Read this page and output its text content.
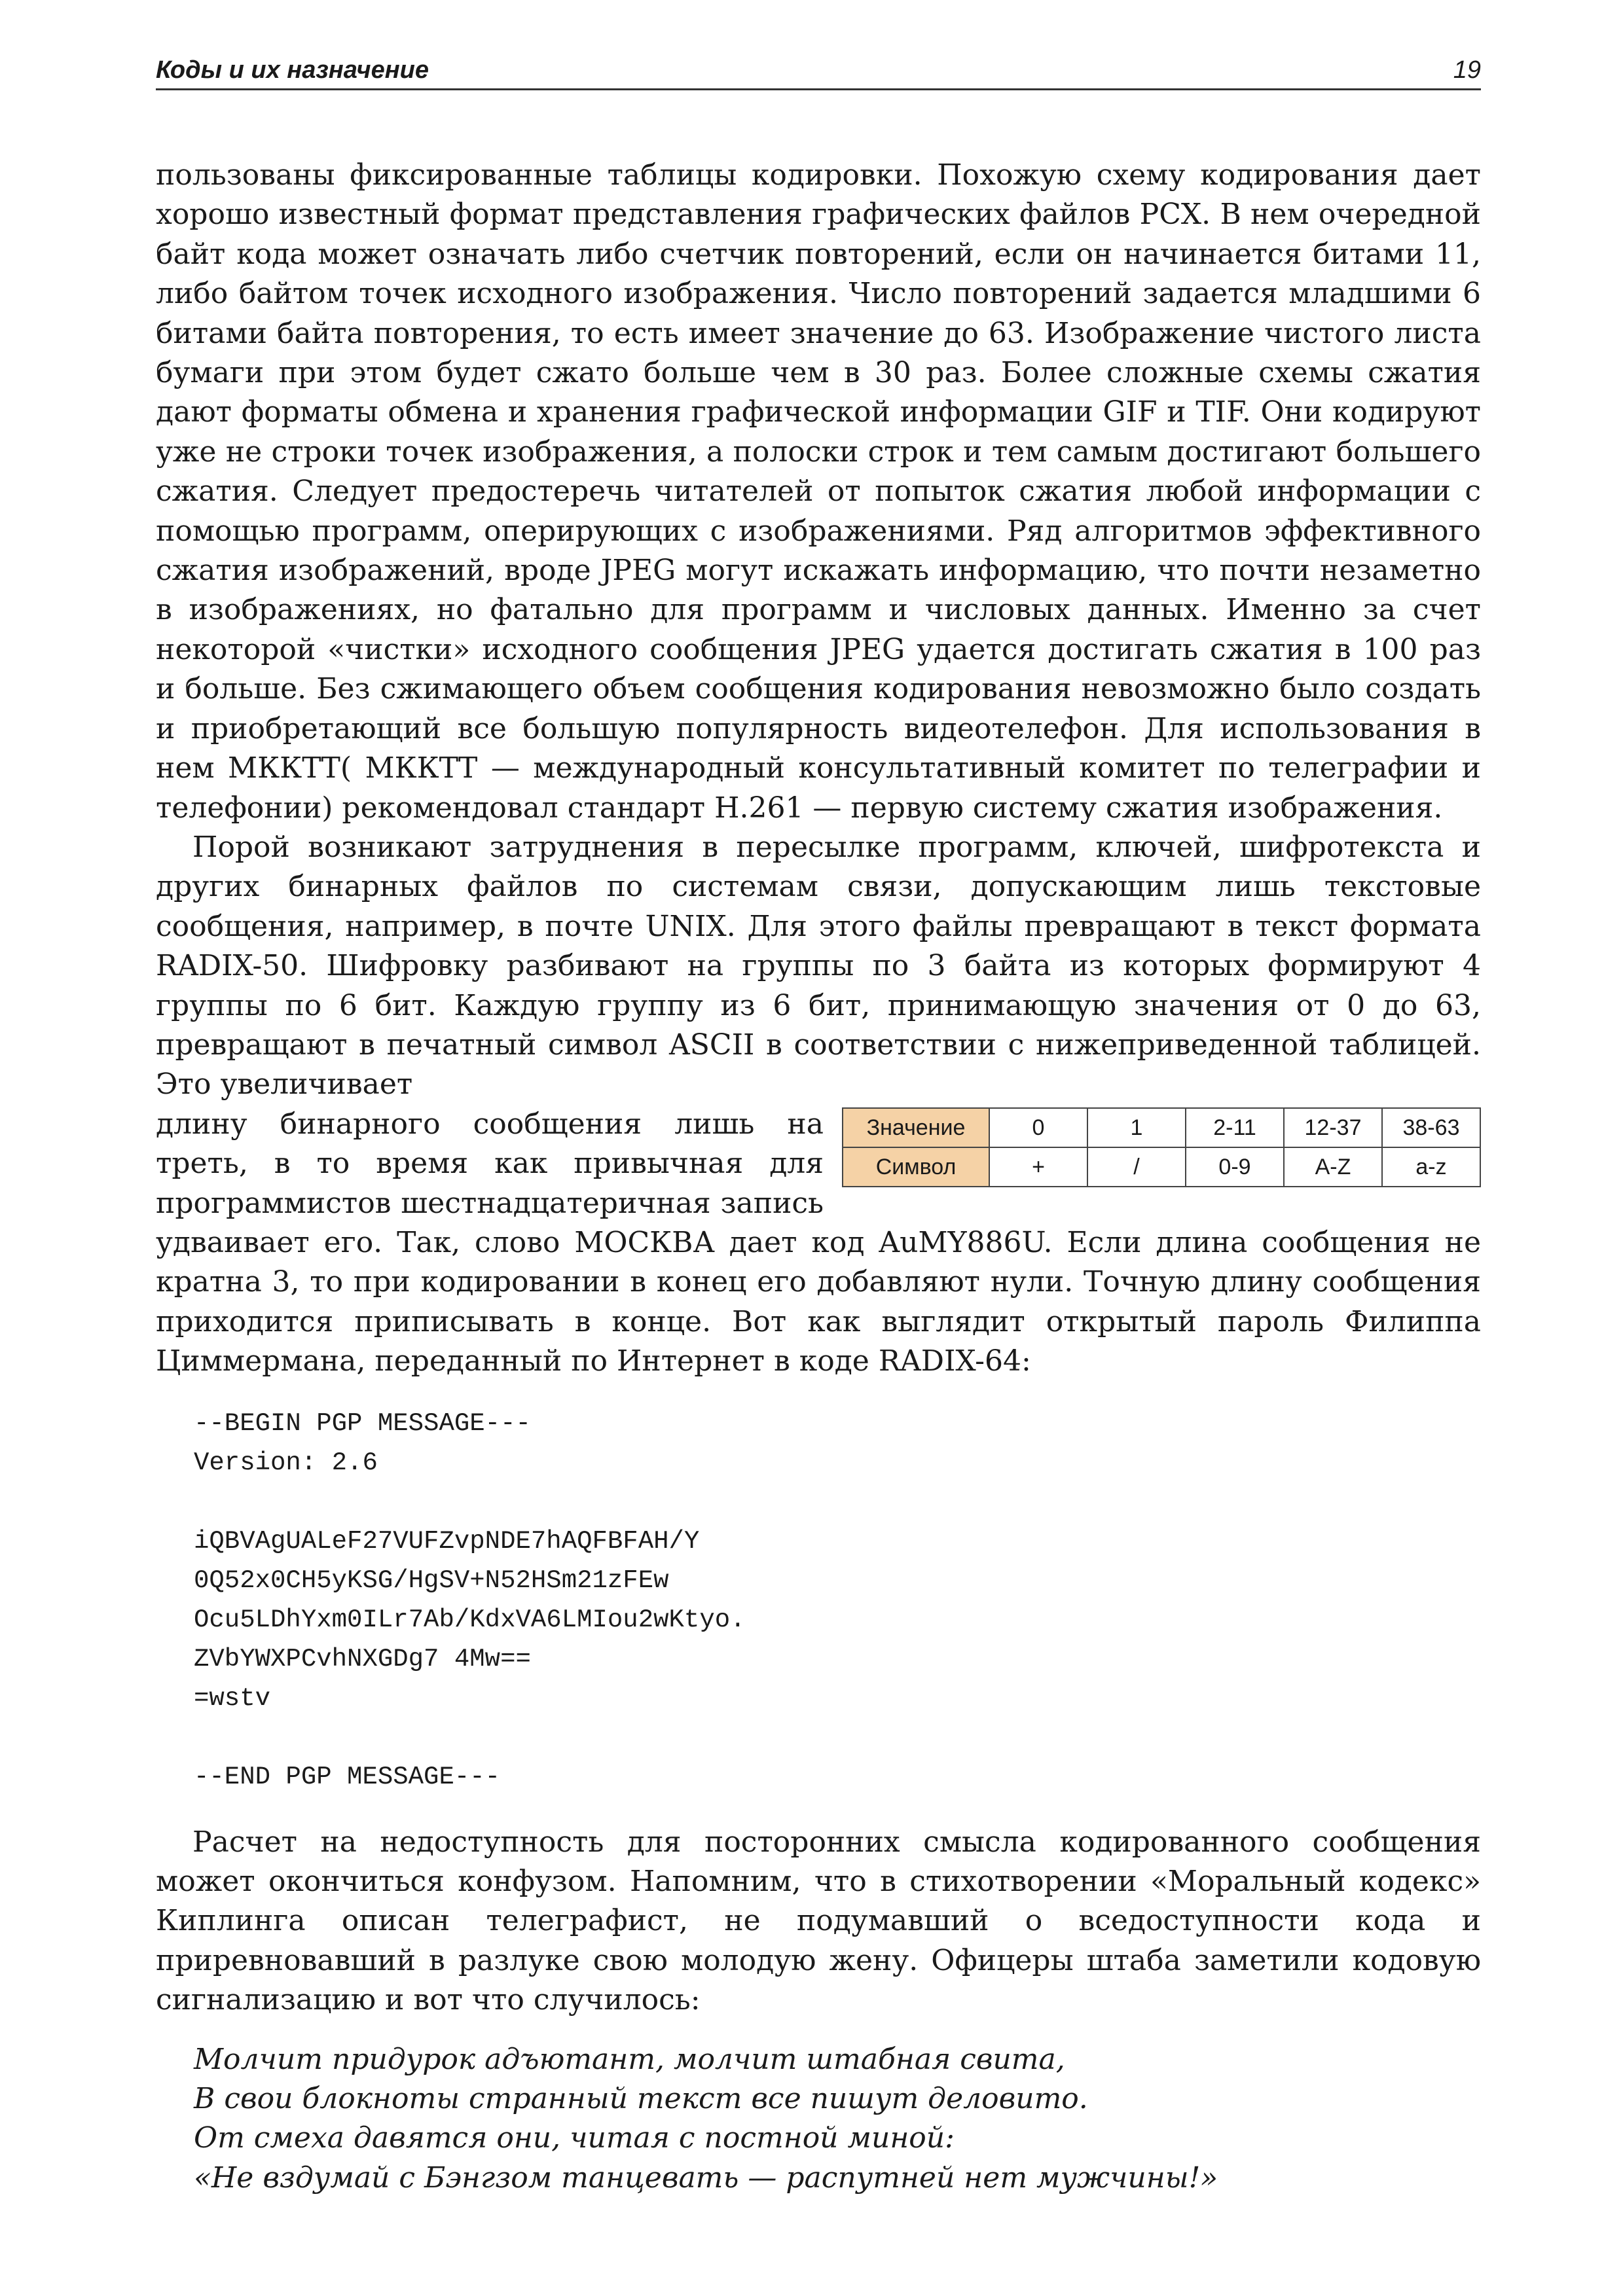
Коды и их назначение	19

пользованы фиксированные таблицы кодировки. Похожую схему кодирования дает хорошо известный формат представления графических файлов PCX. В нем очередной байт кода может означать либо счетчик повторений, если он начинается битами 11, либо байтом точек исходного изображения. Число повторений задается младшими 6 битами байта повторения, то есть имеет значение до 63. Изображение чистого листа бумаги при этом будет сжато больше чем в 30 раз. Более сложные схемы сжатия дают форматы обмена и хранения графической информации GIF и TIF. Они кодируют уже не строки точек изображения, а полоски строк и тем самым достигают большего сжатия. Следует предостеречь читателей от попыток сжатия любой информации с помощью программ, оперирующих с изображениями. Ряд алгоритмов эффективного сжатия изображений, вроде JPEG могут искажать информацию, что почти незаметно в изображениях, но фатально для программ и числовых данных. Именно за счет некоторой «чистки» исходного сообщения JPEG удается достигать сжатия в 100 раз и больше. Без сжимающего объем сообщения кодирования невозможно было создать и приобретающий все большую популярность видеотелефон. Для использования в нем МККТТ( МККТТ — международный консультативный комитет по телеграфии и телефонии) рекомендовал стандарт H.261 — первую систему сжатия изображения.

Порой возникают затруднения в пересылке программ, ключей, шифротекста и других бинарных файлов по системам связи, допускающим лишь текстовые сообщения, например, в почте UNIX. Для этого файлы превращают в текст формата RADIX-50. Шифровку разбивают на группы по 3 байта из которых формируют 4 группы по 6 бит. Каждую группу из 6 бит, принимающую значения от 0 до 63, превращают в печатный символ ASCII в соответствии с нижеприведенной таблицей. Это увеличивает

Значение	0	1	2-11	12-37	38-63
Символ	+	/	0-9	A-Z	a-z

длину бинарного сообщения лишь на треть, в то время как привычная для программистов шестнадцатеричная запись удваивает его. Так, слово МОСКВА дает код AuMY886U. Если длина сообщения не кратна 3, то при кодировании в конец его добавляют нули. Точную длину сообщения приходится приписывать в конце. Вот как выглядит открытый пароль Филиппа Циммермана, переданный по Интернет в коде RADIX-64:

--BEGIN PGP MESSAGE---
Version: 2.6
iQBVAgUALeF27VUFZvpNDE7hAQFBFAH/Y
0Q52x0CH5yKSG/HgSV+N52HSm21zFEw
Ocu5LDhYxm0ILr7Ab/KdxVA6LMIou2wKtyo.
ZVbYWXPCvhNXGDg7 4Mw==
=wstv
--END PGP MESSAGE---

Расчет на недоступность для посторонних смысла кодированного сообщения может окончиться конфузом. Напомним, что в стихотворении «Моральный кодекс» Киплинга описан телеграфист, не подумавший о вседоступности кода и приревновавший в разлуке свою молодую жену. Офицеры штаба заметили кодовую сигнализацию и вот что случилось:

Молчит придурок адъютант, молчит штабная свита,
В свои блокноты странный текст все пишут деловито.
От смеха давятся они, читая с постной миной:
«Не вздумай с Бэнгзом танцевать — распутней нет мужчины!»
